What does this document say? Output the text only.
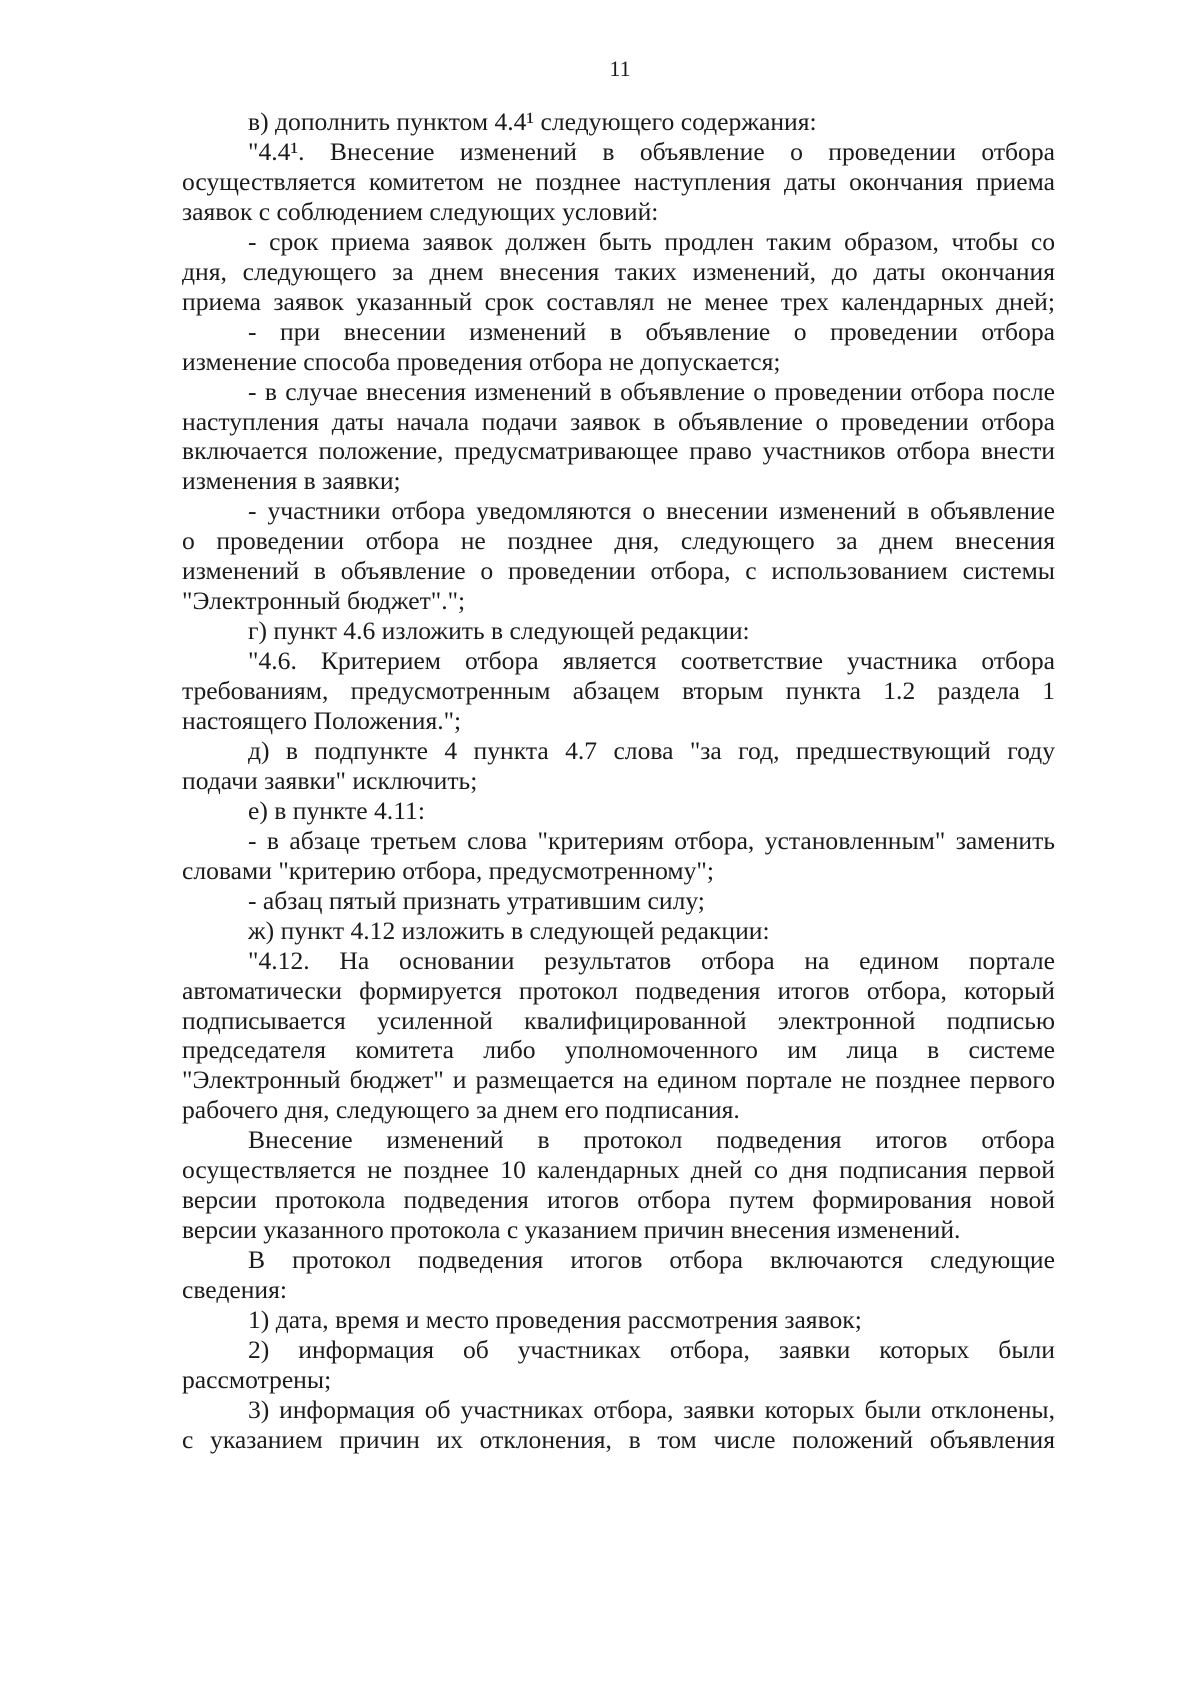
11
в) дополнить пунктом 4.4¹ следующего содержания:
"4.4¹. Внесение изменений в объявление о проведении отбора
осуществляется комитетом не позднее наступления даты окончания приема
заявок с соблюдением следующих условий:
- срок приема заявок должен быть продлен таким образом, чтобы со
дня, следующего за днем внесения таких изменений, до даты окончания
приема заявок указанный срок составлял не менее трех календарных дней;
- при внесении изменений в объявление о проведении отбора
изменение способа проведения отбора не допускается;
- в случае внесения изменений в объявление о проведении отбора после
наступления даты начала подачи заявок в объявление о проведении отбора
включается положение, предусматривающее право участников отбора внести
изменения в заявки;
- участники отбора уведомляются о внесении изменений в объявление
о проведении отбора не позднее дня, следующего за днем внесения
изменений в объявление о проведении отбора, с использованием системы
"Электронный бюджет".";
г) пункт 4.6 изложить в следующей редакции:
"4.6. Критерием отбора является соответствие участника отбора
требованиям, предусмотренным абзацем вторым пункта 1.2 раздела 1
настоящего Положения.";
д) в подпункте 4 пункта 4.7 слова "за год, предшествующий году
подачи заявки" исключить;
е) в пункте 4.11:
- в абзаце третьем слова "критериям отбора, установленным" заменить
словами "критерию отбора, предусмотренному";
- абзац пятый признать утратившим силу;
ж) пункт 4.12 изложить в следующей редакции:
"4.12. На основании результатов отбора на едином портале
автоматически формируется протокол подведения итогов отбора, который
подписывается усиленной квалифицированной электронной подписью
председателя комитета либо уполномоченного им лица в системе
"Электронный бюджет" и размещается на едином портале не позднее первого
рабочего дня, следующего за днем его подписания.
Внесение изменений в протокол подведения итогов отбора
осуществляется не позднее 10 календарных дней со дня подписания первой
версии протокола подведения итогов отбора путем формирования новой
версии указанного протокола с указанием причин внесения изменений.
В протокол подведения итогов отбора включаются следующие
сведения:
1) дата, время и место проведения рассмотрения заявок;
2) информация об участниках отбора, заявки которых были
рассмотрены;
3) информация об участниках отбора, заявки которых были отклонены,
с указанием причин их отклонения, в том числе положений объявления
